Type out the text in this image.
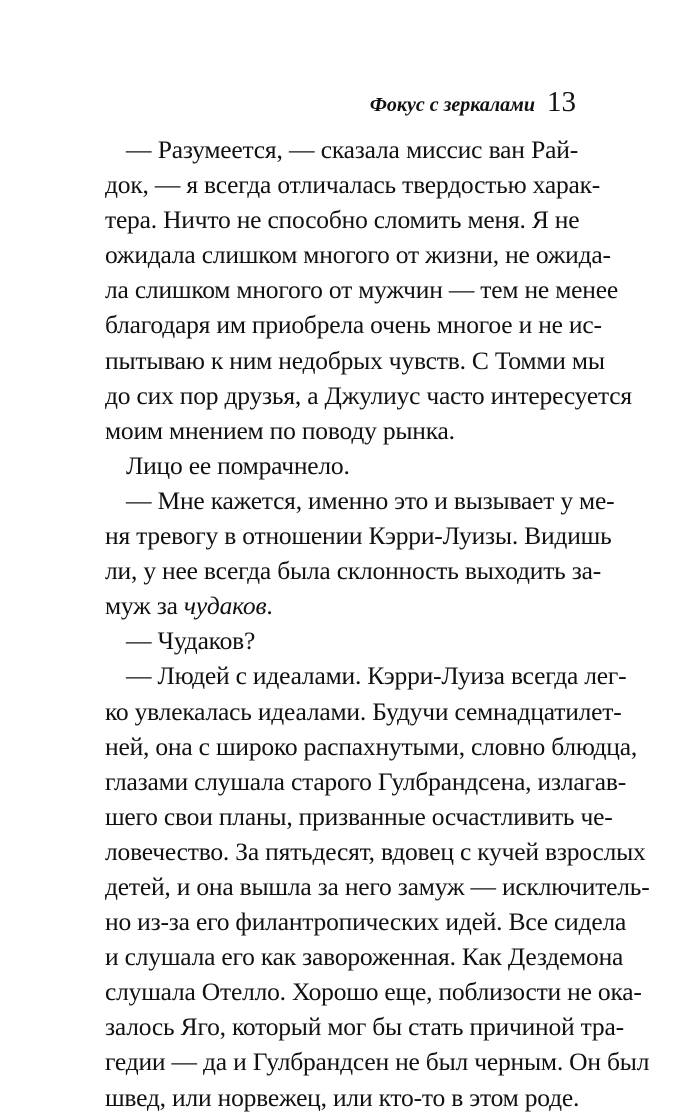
Фокус с зеркалами 13
— Разумеется, — сказала миссис ван Рай-
док, — я всегда отличалась твердостью харак-
тера. Ничто не способно сломить меня. Я не
ожидала слишком многого от жизни, не ожида-
ла слишком многого от мужчин — тем не менее
благодаря им приобрела очень многое и не ис-
пытываю к ним недобрых чувств. С Томми мы
до сих пор друзья, а Джулиус часто интересуется
моим мнением по поводу рынка.
Лицо ее помрачнело.
— Мне кажется, именно это и вызывает у ме-
ня тревогу в отношении Кэрри-Луизы. Видишь
ли, у нее всегда была склонность выходить за-
муж за чудаков.
— Чудаков?
— Людей с идеалами. Кэрри-Луиза всегда лег-
ко увлекалась идеалами. Будучи семнадцатилет-
ней, она с широко распахнутыми, словно блюдца,
глазами слушала старого Гулбрандсена, излагав-
шего свои планы, призванные осчастливить че-
ловечество. За пятьдесят, вдовец с кучей взрослых
детей, и она вышла за него замуж — исключитель-
но из-за его филантропических идей. Все сидела
и слушала его как завороженная. Как Дездемона
слушала Отелло. Хорошо еще, поблизости не ока-
залось Яго, который мог бы стать причиной тра-
гедии — да и Гулбрандсен не был черным. Он был
швед, или норвежец, или кто-то в этом роде.
